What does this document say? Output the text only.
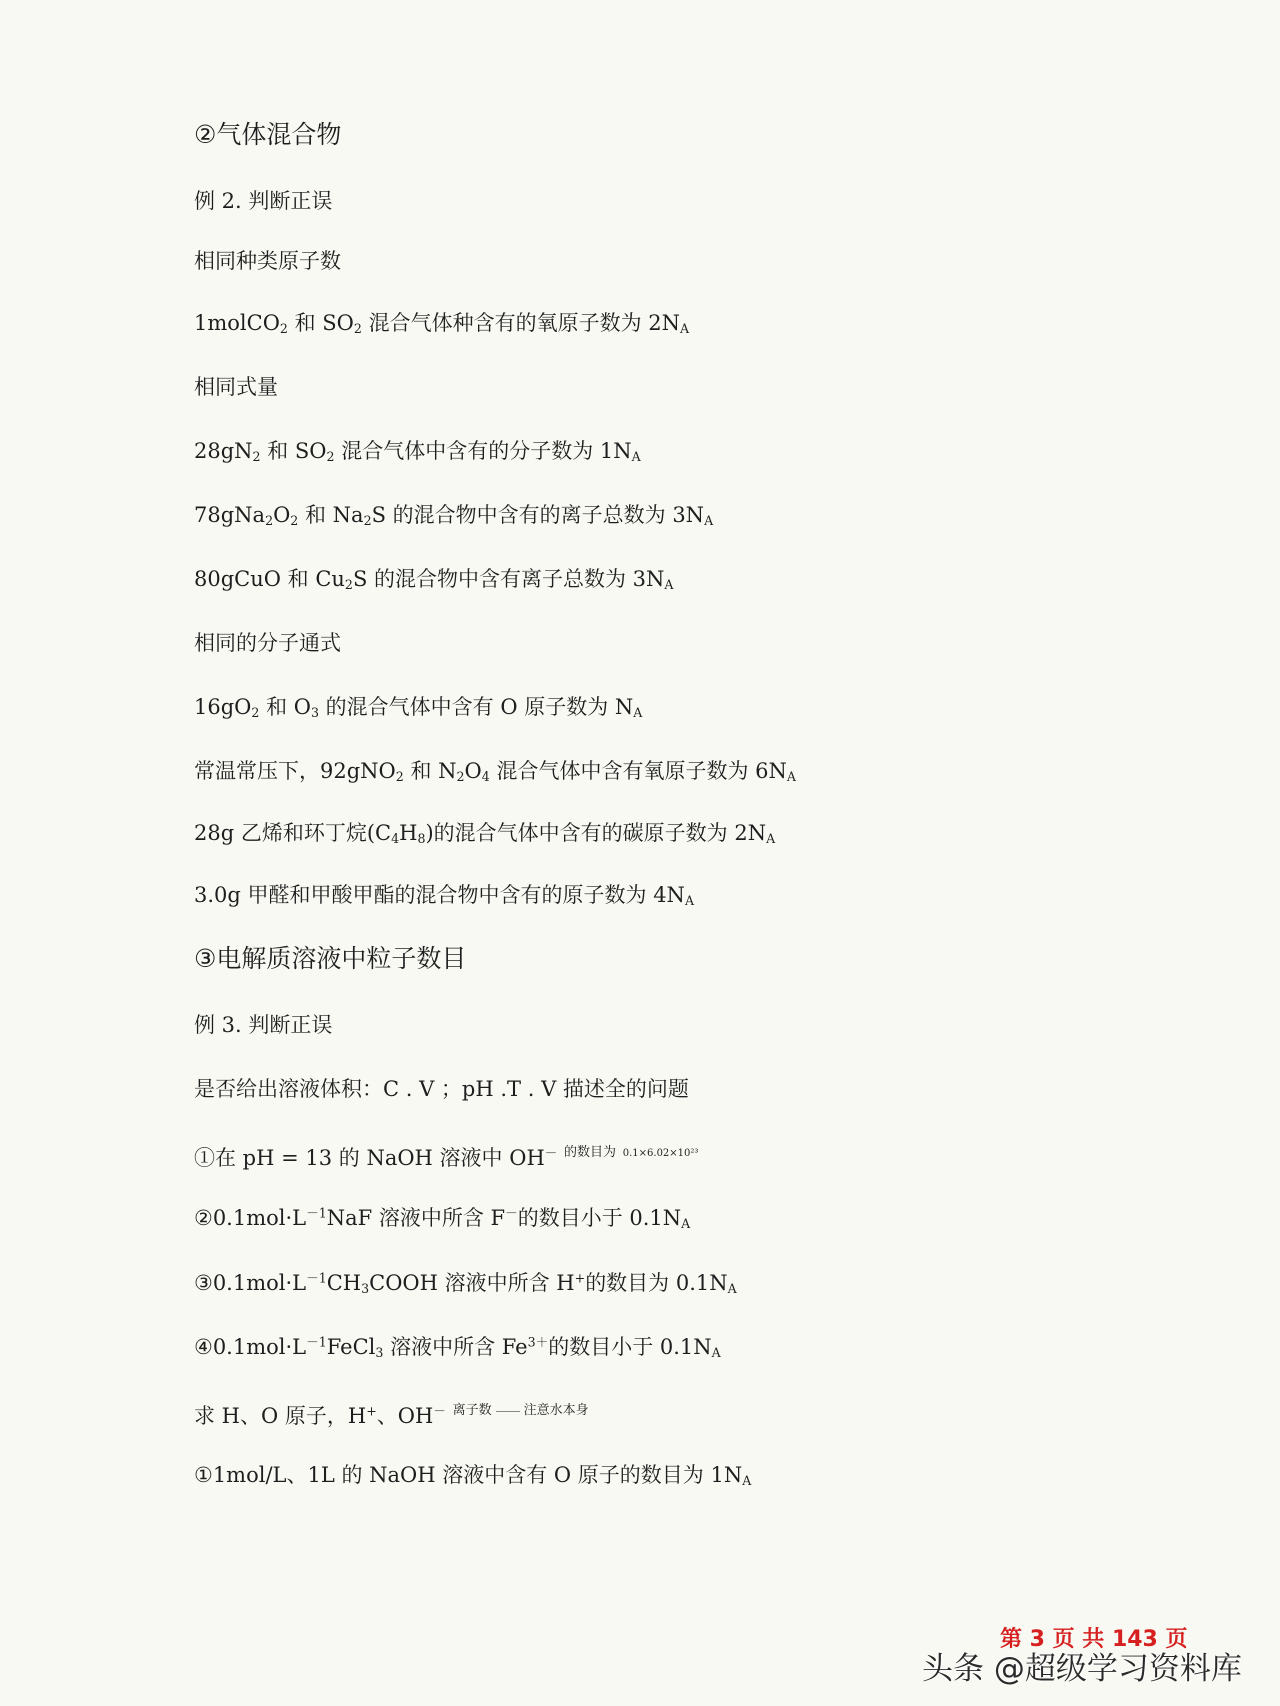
②气体混合物
例 2. 判断正误
相同种类原子数
1molCO$_2$ 和 $SO_2$ 混合气体种含有的氧原子数为 $2N_A$
相同式量
$28gN_2$ 和 $SO_2$ 混合气体中含有的分子数为 $1N_A$
$78gNa_2O_2$ 和 $Na_2S$ 的混合物中含有的离子总数为 $3N_A$
80gCuO 和 $Cu_2S$ 的混合物中含有离子总数为 $3N_A$
相同的分子通式
$16gO_2$ 和 $O_3$ 的混合气体中含有 O 原子数为 $N_A$
常温常压下，92gNO$_2$ 和 $N_2O_4$ 混合气体中含有氧原子数为 $6N_A$
28g 乙烯和环丁烷$(C_4H_8)$的混合气体中含有的碳原子数为 $2N_A$
3.0g 甲醛和甲酸甲酯的混合物中含有的原子数为 $4N_A$
③电解质溶液中粒子数目
例 3. 判断正误
是否给出溶液体积：C . V ；pH .T . V 描述全的问题
①在 pH = 13 的 NaOH 溶液中 OH－ $^{的数目为}$ $^{0.1\times 6.02\times 10^{23}}$
$②0.1mol\cdot L^{-1}NaF$ 溶液中所含 F－的数目小于 $0.1N_A$
$③0.1mol\cdot L^{-1}CH_3COOH$ 溶液中所含 H+的数目为 $0.1N_A$
$④0.1mol\cdot L^{-1}FeCl_3$ 溶液中所含 $Fe^{3+}$的数目小于 $0.1N_A$
求 H、O 原子，H+、OH－ $^{离子数}$ $^{注意水本身}$
①1mol/L、1L 的 NaOH 溶液中含有 O 原子的数目为 $1N_A$
第 3 页 共 143 页
头条 @超级学习资料库
